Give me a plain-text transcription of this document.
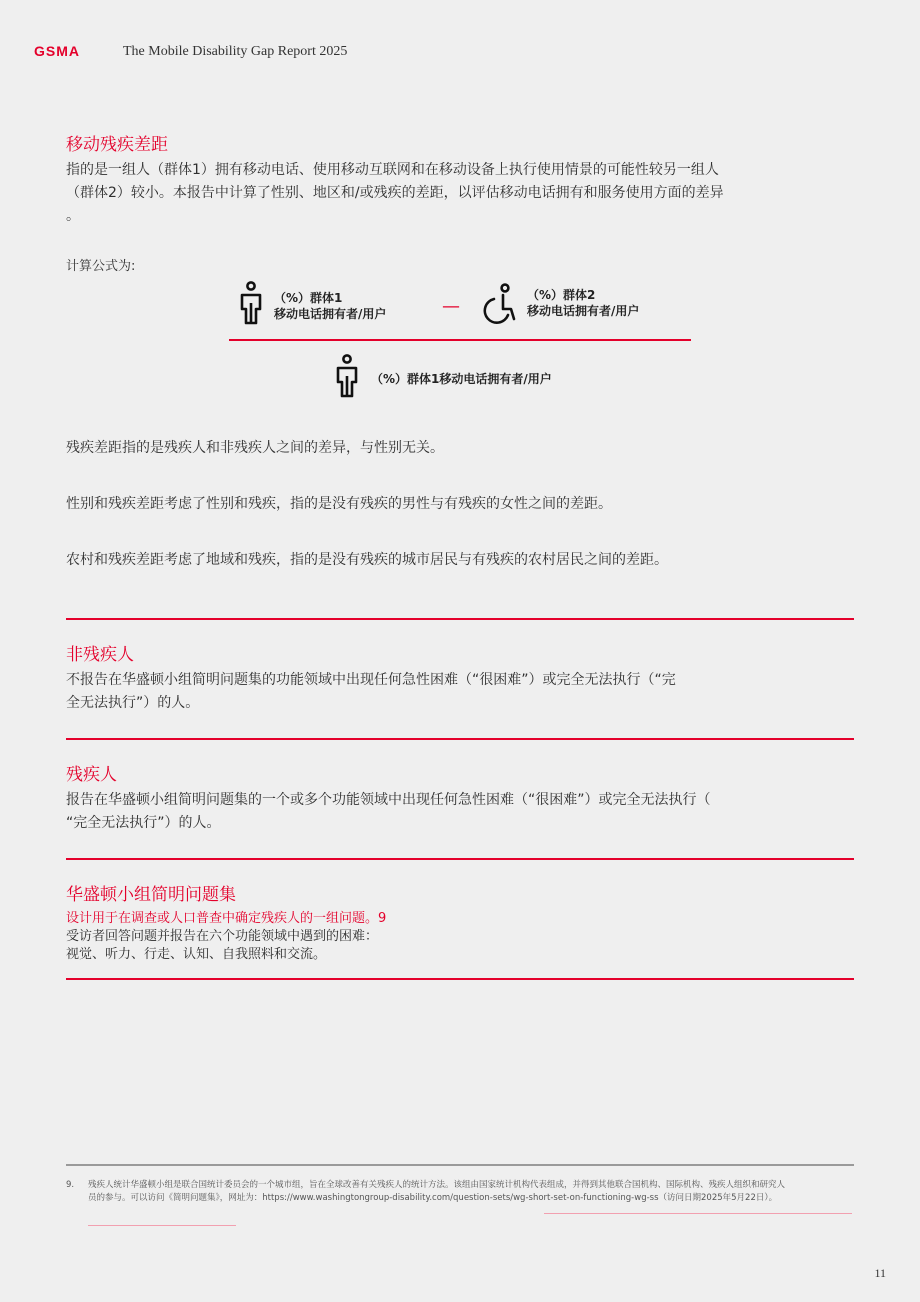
GSMA	The Mobile Disability Gap Report 2025
移动残疾差距
指的是一组人（群体1）拥有移动电话、使用移动互联网和在移动设备上执行使用情景的可能性较另一组人
（群体2）较小。本报告中计算了性别、地区和/或残疾的差距，以评估移动电话拥有和服务使用方面的差异
。
计算公式为:
（%）群体1
移动电话拥有者/用户	—
（%）群体2
移动电话拥有者/用户
（%）群体1移动电话拥有者/用户
残疾差距指的是残疾人和非残疾人之间的差异，与性别无关。
性别和残疾差距考虑了性别和残疾，指的是没有残疾的男性与有残疾的女性之间的差距。
农村和残疾差距考虑了地域和残疾，指的是没有残疾的城市居民与有残疾的农村居民之间的差距。
非残疾人
不报告在华盛顿小组简明问题集的功能领域中出现任何急性困难（“很困难”）或完全无法执行（“完
全无法执行”）的人。
残疾人
报告在华盛顿小组简明问题集的一个或多个功能领域中出现任何急性困难（“很困难”）或完全无法执行（
“完全无法执行”）的人。
华盛顿小组简明问题集
设计用于在调查或人口普查中确定残疾人的一组问题。9
受访者回答问题并报告在六个功能领域中遇到的困难：
视觉、听力、行走、认知、自我照料和交流。
9. 残疾人统计华盛顿小组是联合国统计委员会的一个城市组，旨在全球改善有关残疾人的统计方法。该组由国家统计机构代表组成，并得到其他联合国机构、国际机构、残疾人组织和研究人
员的参与。可以访问《简明问题集》，网址为：https://www.washingtongroup-disability.com/question-sets/wg-short-set-on-functioning-wg-ss（访问日期2025年5月22日）。
11
